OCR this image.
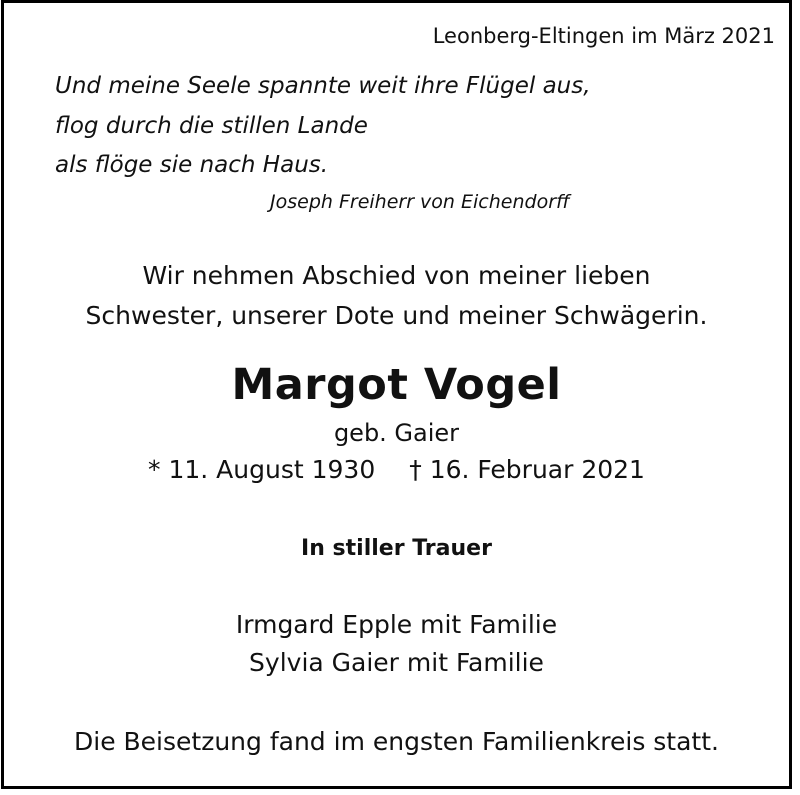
Leonberg-Eltingen im März 2021
Und meine Seele spannte weit ihre Flügel aus,
flog durch die stillen Lande
als flöge sie nach Haus.
Joseph Freiherr von Eichendorff
Wir nehmen Abschied von meiner lieben
Schwester, unserer Dote und meiner Schwägerin.
Margot Vogel
geb. Gaier
* 11. August 1930 † 16. Februar 2021
In stiller Trauer
Irmgard Epple mit Familie
Sylvia Gaier mit Familie
Die Beisetzung fand im engsten Familienkreis statt.
